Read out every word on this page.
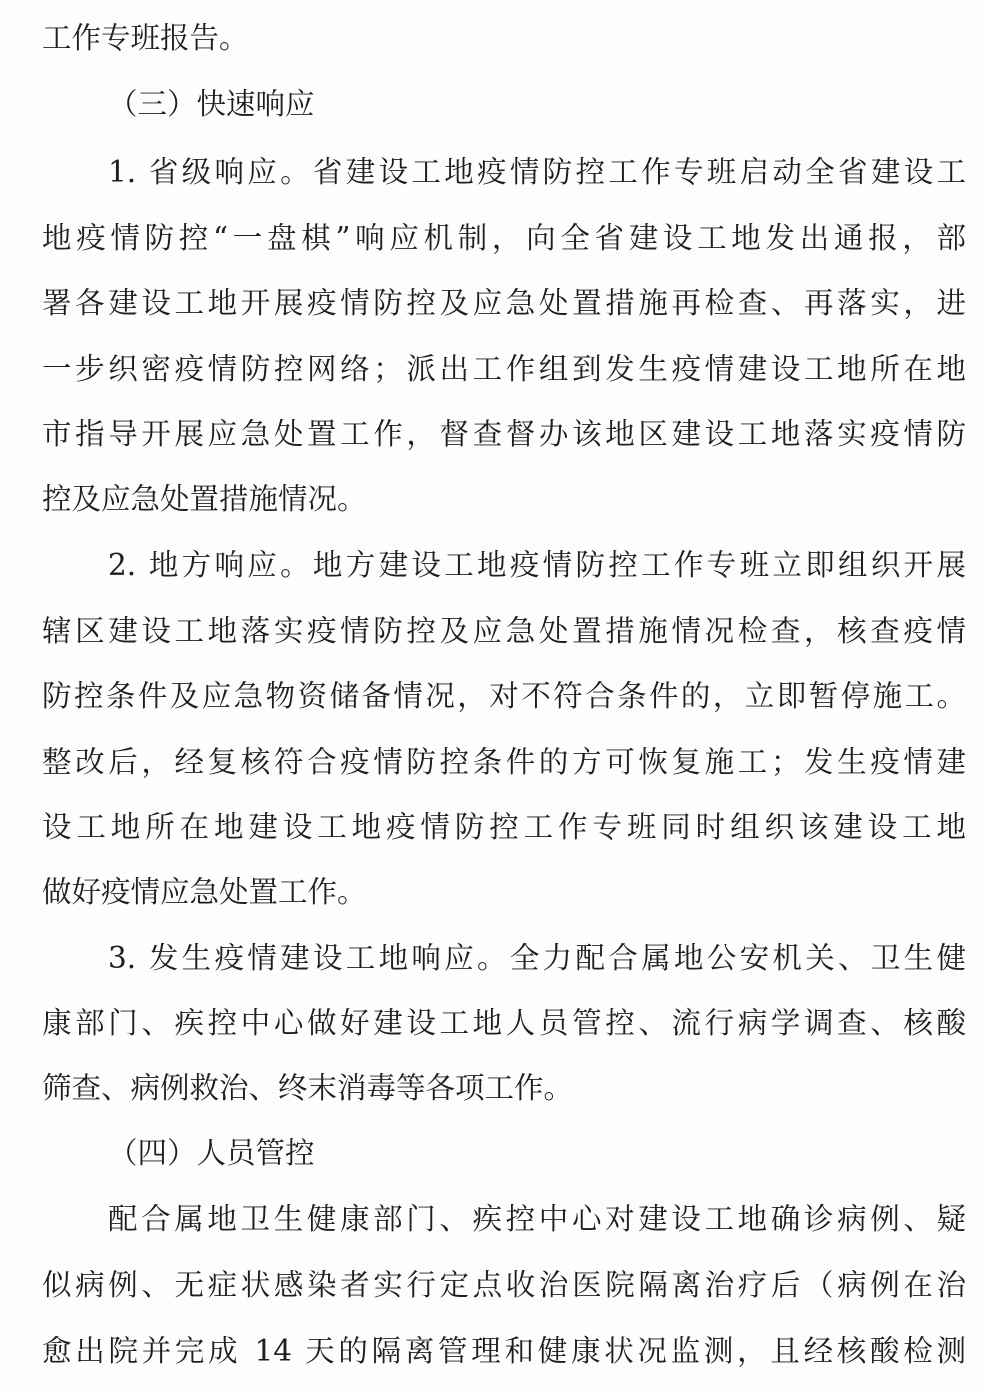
工作专班报告。
（三）快速响应
1. 省级响应。省建设工地疫情防控工作专班启动全省建设工
地疫情防控“一盘棋”响应机制，向全省建设工地发出通报，部
署各建设工地开展疫情防控及应急处置措施再检查、再落实，进
一步织密疫情防控网络；派出工作组到发生疫情建设工地所在地
市指导开展应急处置工作，督查督办该地区建设工地落实疫情防
控及应急处置措施情况。
2. 地方响应。地方建设工地疫情防控工作专班立即组织开展
辖区建设工地落实疫情防控及应急处置措施情况检查，核查疫情
防控条件及应急物资储备情况，对不符合条件的，立即暂停施工。
整改后，经复核符合疫情防控条件的方可恢复施工；发生疫情建
设工地所在地建设工地疫情防控工作专班同时组织该建设工地
做好疫情应急处置工作。
3. 发生疫情建设工地响应。全力配合属地公安机关、卫生健
康部门、疾控中心做好建设工地人员管控、流行病学调查、核酸
筛查、病例救治、终末消毒等各项工作。
（四）人员管控
配合属地卫生健康部门、疾控中心对建设工地确诊病例、疑
似病例、无症状感染者实行定点收治医院隔离治疗后（病例在治
愈出院并完成 14 天的隔离管理和健康状况监测，且经核酸检测
